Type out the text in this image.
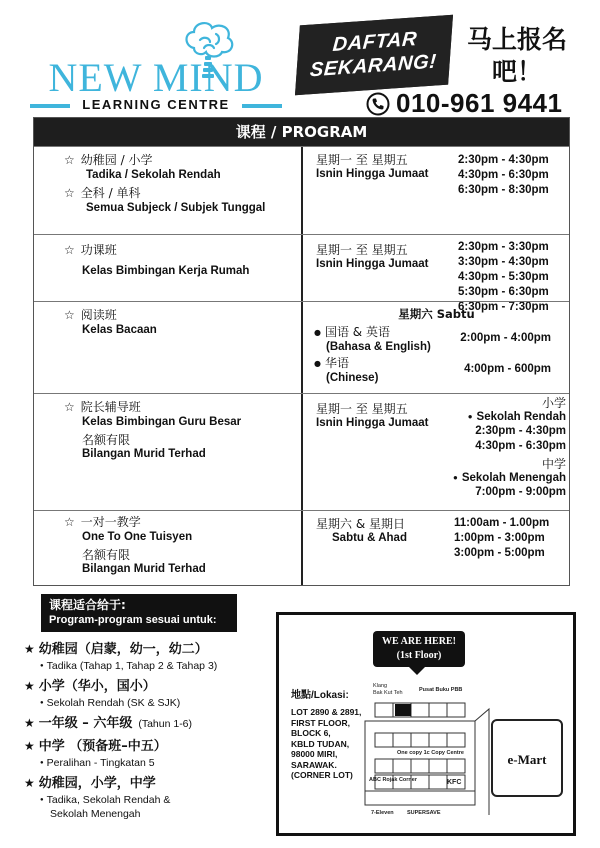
NEW MIND
LEARNING CENTRE
DAFTAR
SEKARANG!
马上报名
吧！
010-961 9441
课程 / PROGRAM
☆ 幼稚园 / 小学
Tadika / Sekolah Rendah
☆ 全科 / 单科
Semua Subjeck / Subjek Tunggal
星期一 至 星期五
Isnin Hingga Jumaat
2:30pm - 4:30pm
4:30pm - 6:30pm
6:30pm - 8:30pm
☆ 功课班
Kelas Bimbingan Kerja Rumah
星期一 至 星期五
Isnin Hingga Jumaat
2:30pm - 3:30pm
3:30pm - 4:30pm
4:30pm - 5:30pm
5:30pm - 6:30pm
6:30pm - 7:30pm
☆ 阅读班
Kelas Bacaan
星期六 Sabtu
● 国语 & 英语
(Bahasa & English)
2:00pm - 4:00pm
● 华语
(Chinese)
4:00pm - 600pm
☆ 院长辅导班
Kelas Bimbingan Guru Besar
名额有限
Bilangan Murid Terhad
星期一 至 星期五
Isnin Hingga Jumaat
小学
● Sekolah Rendah
2:30pm - 4:30pm
4:30pm - 6:30pm
中学
● Sekolah Menengah
7:00pm - 9:00pm
☆ 一对一教学
One To One Tuisyen
名额有限
Bilangan Murid Terhad
星期六 & 星期日
Sabtu & Ahad
11:00am - 1.00pm
1:00pm - 3:00pm
3:00pm - 5:00pm
课程适合给于:
Program-program sesuai untuk:
★ 幼稚园（启蒙，幼一，幼二）
● Tadika (Tahap 1, Tahap 2 & Tahap 3)
★ 小学（华小，国小）
● Sekolah Rendah (SK & SJK)
★ 一年级 – 六年级 (Tahun 1-6)
★ 中学 （预备班–中五）
● Peralihan - Tingkatan 5
★ 幼稚园，小学，中学
● Tadika, Sekolah Rendah &
Sekolah Menengah
WE ARE HERE!
(1st Floor)
地點/Lokasi:
LOT 2890 & 2891,
FIRST FLOOR,
BLOCK 6,
KBLD TUDAN,
98000 MIRI,
SARAWAK.
(CORNER LOT)
Klang
Bak Kut Teh	Pusat Buku PBB
One copy 1c Copy Centre
ABC Rojak Corner	KFC
7-Eleven SUPERSAVE
e-Mart
